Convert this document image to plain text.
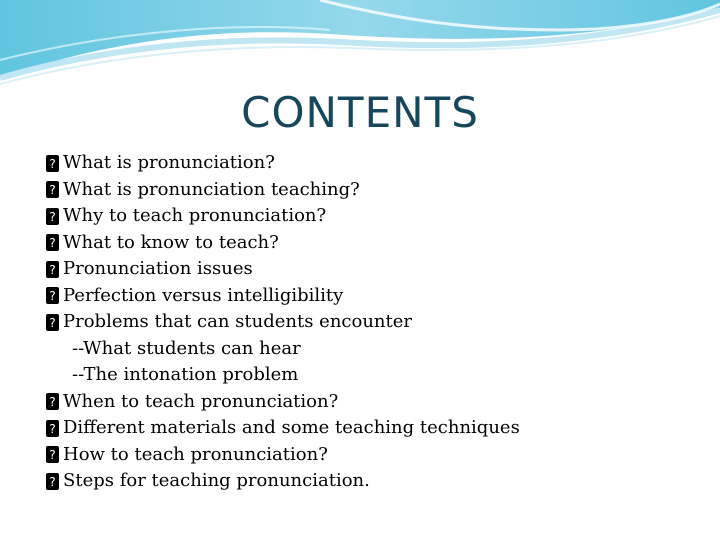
CONTENTS
? What is pronunciation?
? What is pronunciation teaching?
? Why to teach pronunciation?
? What to know to teach?
? Pronunciation issues
? Perfection versus intelligibility
? Problems that can students encounter
--What students can hear
--The intonation problem
? When to teach pronunciation?
? Different materials and some teaching techniques
? How to teach pronunciation?
? Steps for teaching pronunciation.
